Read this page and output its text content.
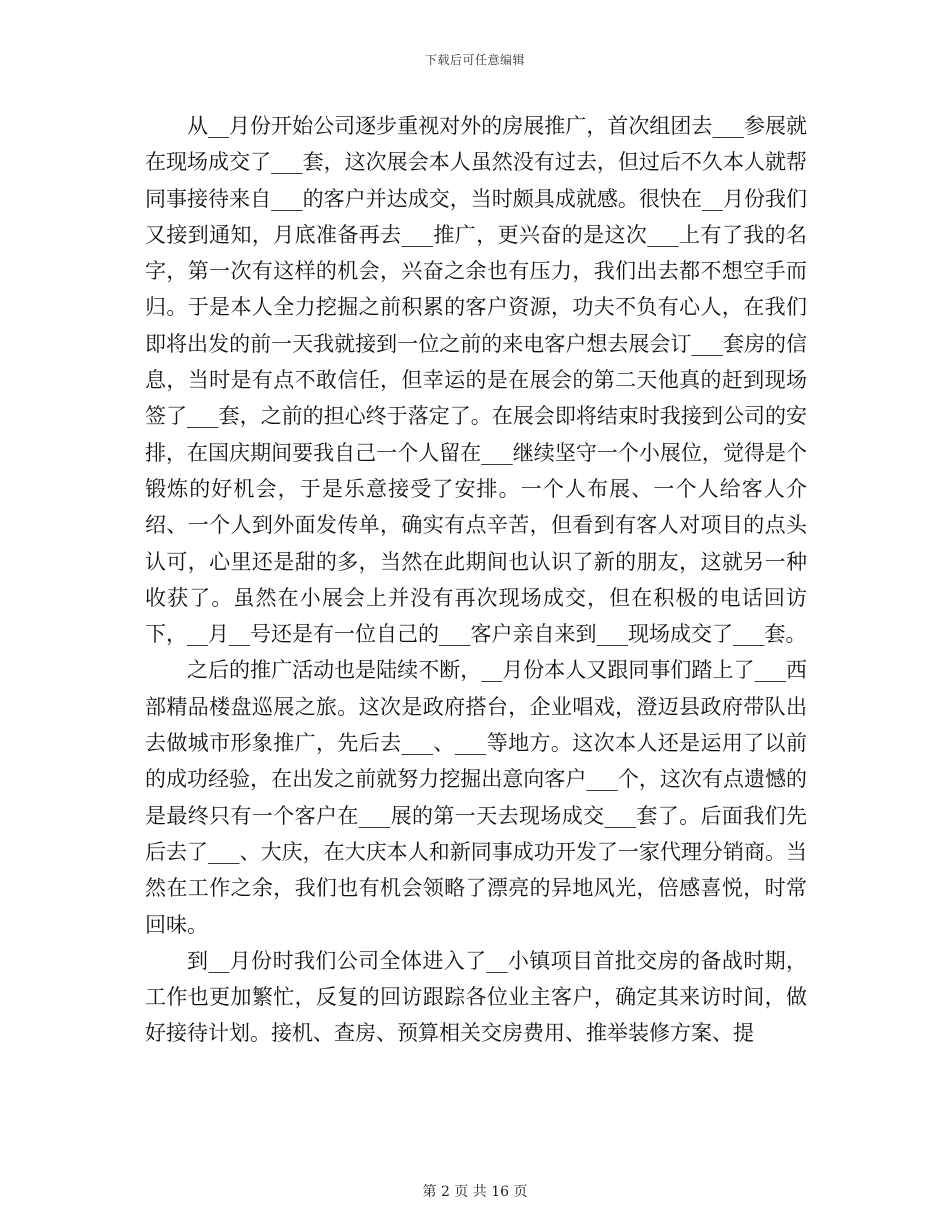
下载后可任意编辑

从__月份开始公司逐步重视对外的房展推广，首次组团去___参展就在现场成交了___套，这次展会本人虽然没有过去，但过后不久本人就帮同事接待来自___的客户并达成交，当时颇具成就感。很快在__月份我们又接到通知，月底准备再去___推广，更兴奋的是这次___上有了我的名字，第一次有这样的机会，兴奋之余也有压力，我们出去都不想空手而归。于是本人全力挖掘之前积累的客户资源，功夫不负有心人，在我们即将出发的前一天我就接到一位之前的来电客户想去展会订___套房的信息，当时是有点不敢信任，但幸运的是在展会的第二天他真的赶到现场签了___套，之前的担心终于落定了。在展会即将结束时我接到公司的安排，在国庆期间要我自己一个人留在___继续坚守一个小展位，觉得是个锻炼的好机会，于是乐意接受了安排。一个人布展、一个人给客人介绍、一个人到外面发传单，确实有点辛苦，但看到有客人对项目的点头认可，心里还是甜的多，当然在此期间也认识了新的朋友，这就另一种收获了。虽然在小展会上并没有再次现场成交，但在积极的电话回访下，__月__号还是有一位自己的___客户亲自来到___现场成交了___套。

之后的推广活动也是陆续不断，__月份本人又跟同事们踏上了___西部精品楼盘巡展之旅。这次是政府搭台，企业唱戏，澄迈县政府带队出去做城市形象推广，先后去___、___等地方。这次本人还是运用了以前的成功经验，在出发之前就努力挖掘出意向客户___个，这次有点遗憾的是最终只有一个客户在___展的第一天去现场成交___套了。后面我们先后去了___、大庆，在大庆本人和新同事成功开发了一家代理分销商。当然在工作之余，我们也有机会领略了漂亮的异地风光，倍感喜悦，时常回味。

到__月份时我们公司全体进入了__小镇项目首批交房的备战时期，工作也更加繁忙，反复的回访跟踪各位业主客户，确定其来访时间，做好接待计划。接机、查房、预算相关交房费用、推举装修方案、提

第 2 页 共 16 页
